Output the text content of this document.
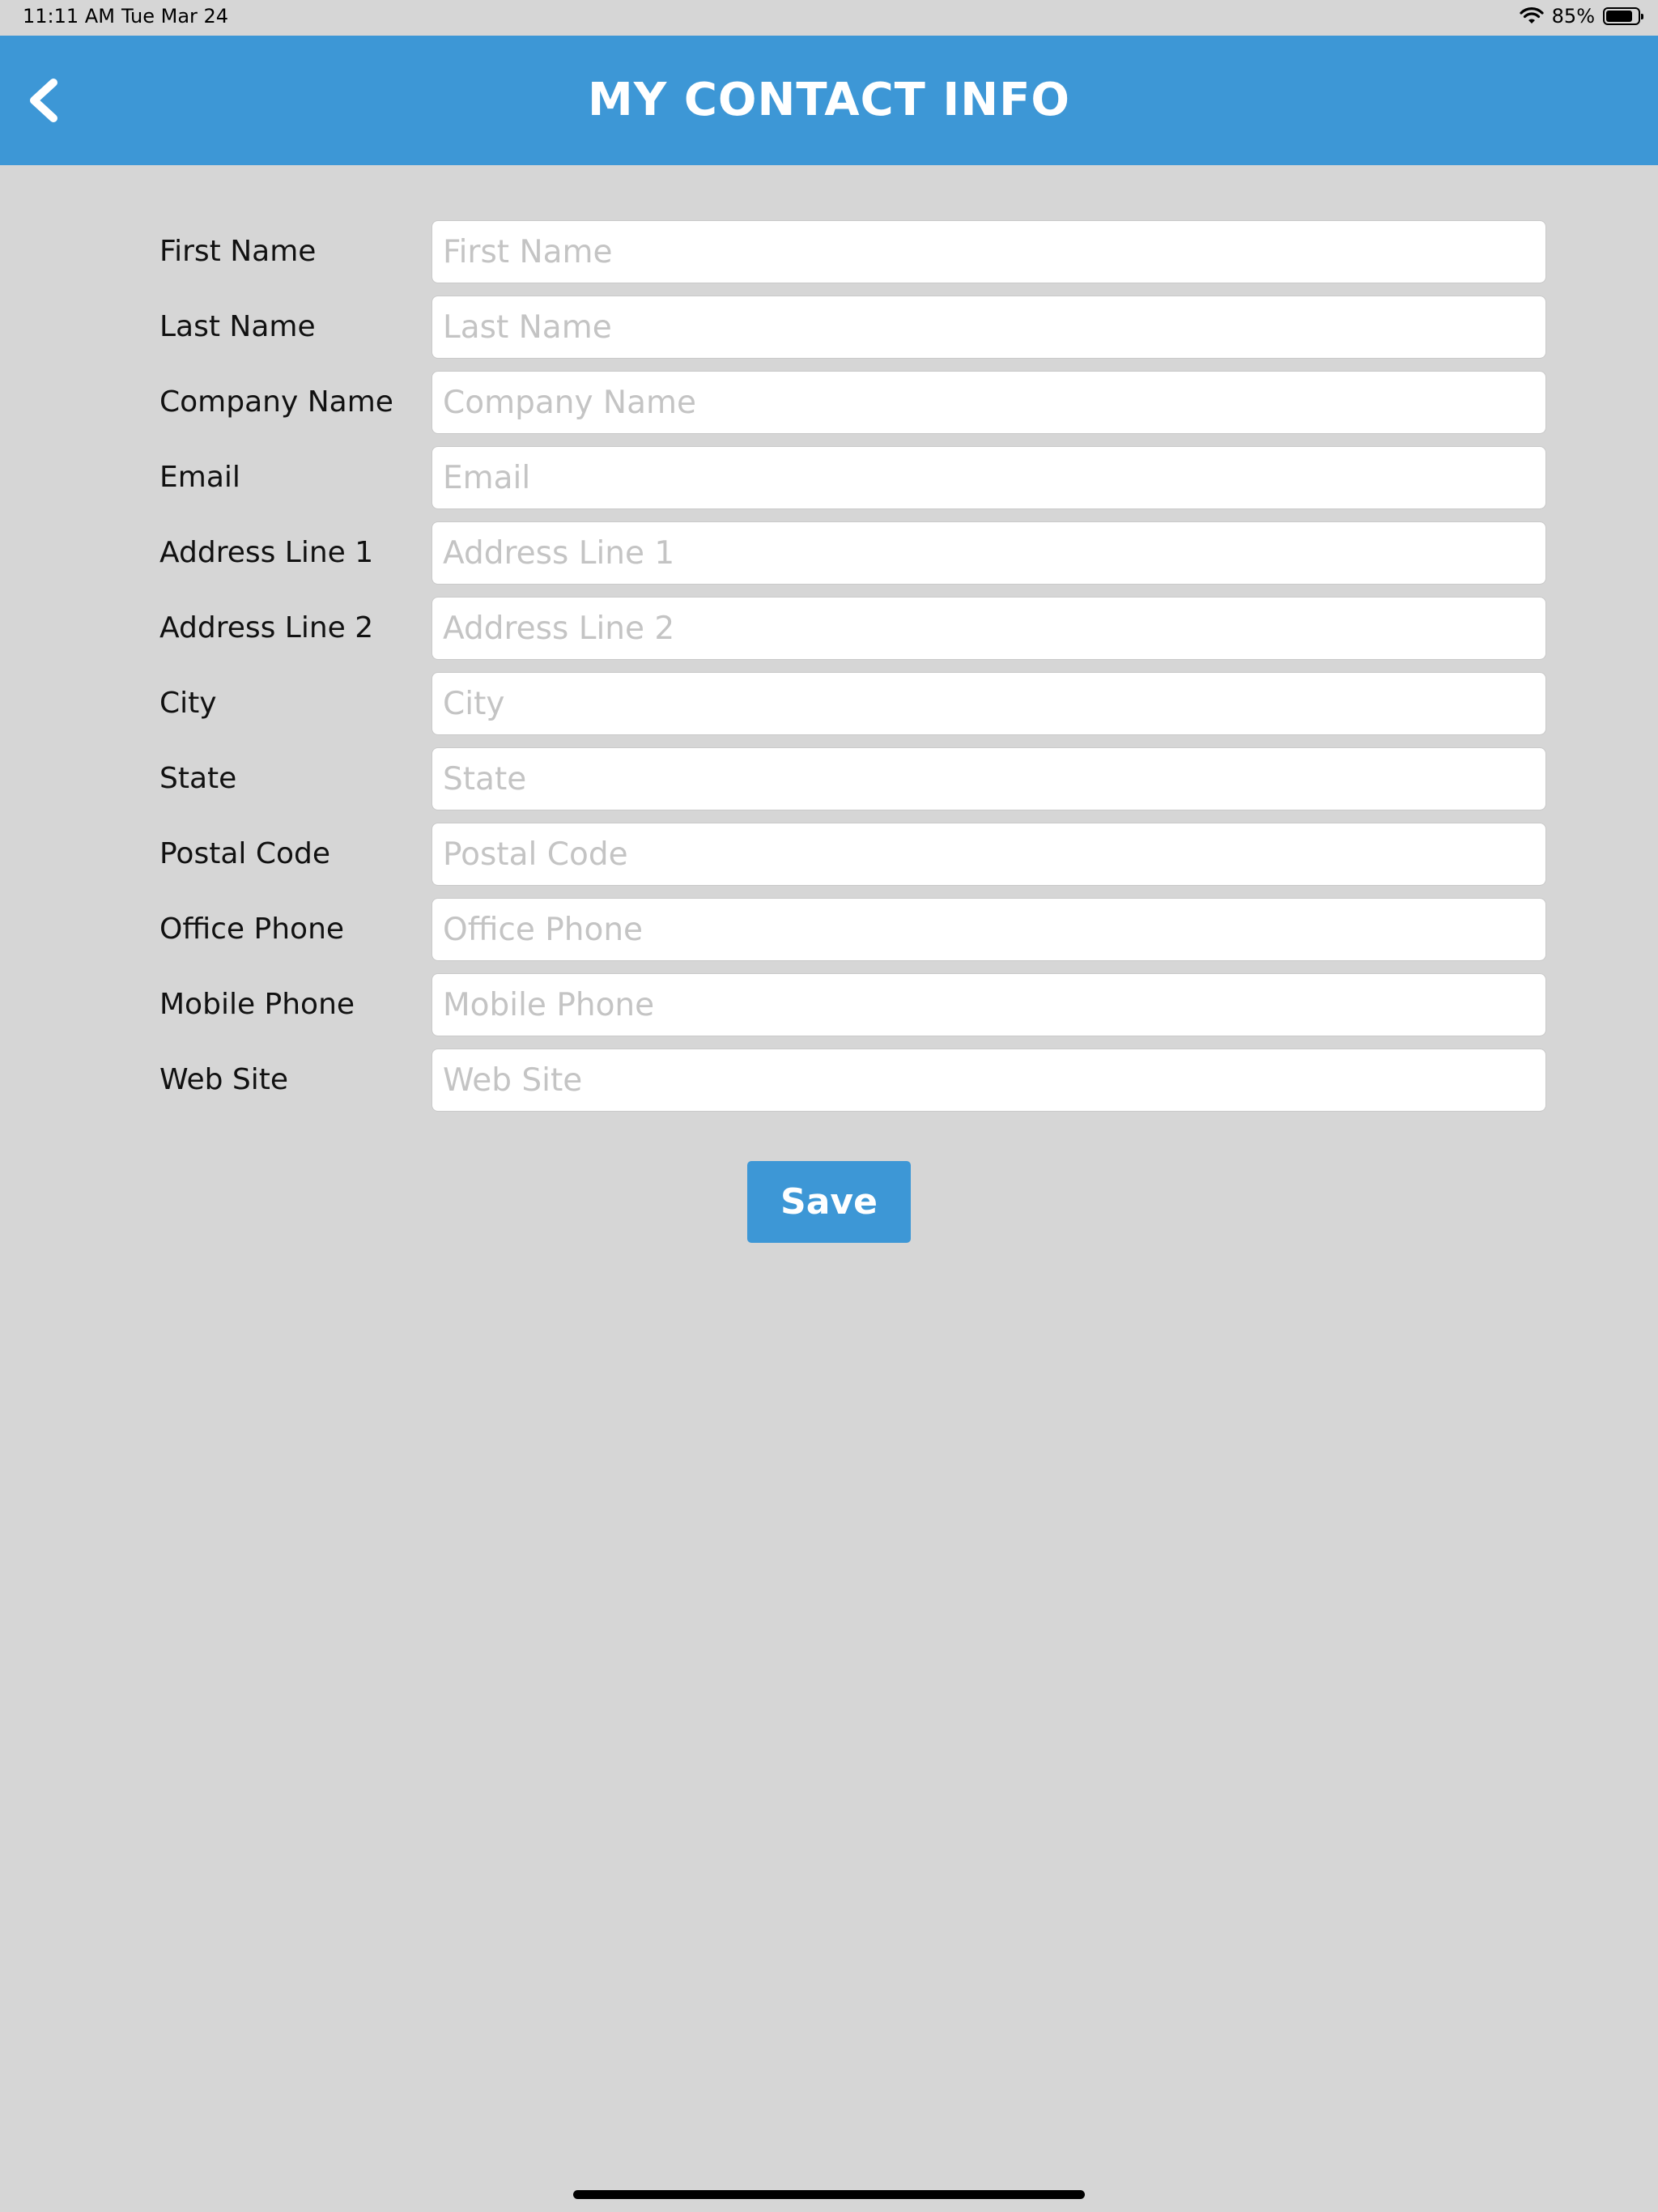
11:11 AM Tue Mar 24	85%
MY CONTACT INFO
First Name
First Name
Last Name
Last Name
Company Name
Company Name
Email
Email
Address Line 1
Address Line 1
Address Line 2
Address Line 2
City
City
State
State
Postal Code
Postal Code
Office Phone
Office Phone
Mobile Phone
Mobile Phone
Web Site
Web Site
Save
